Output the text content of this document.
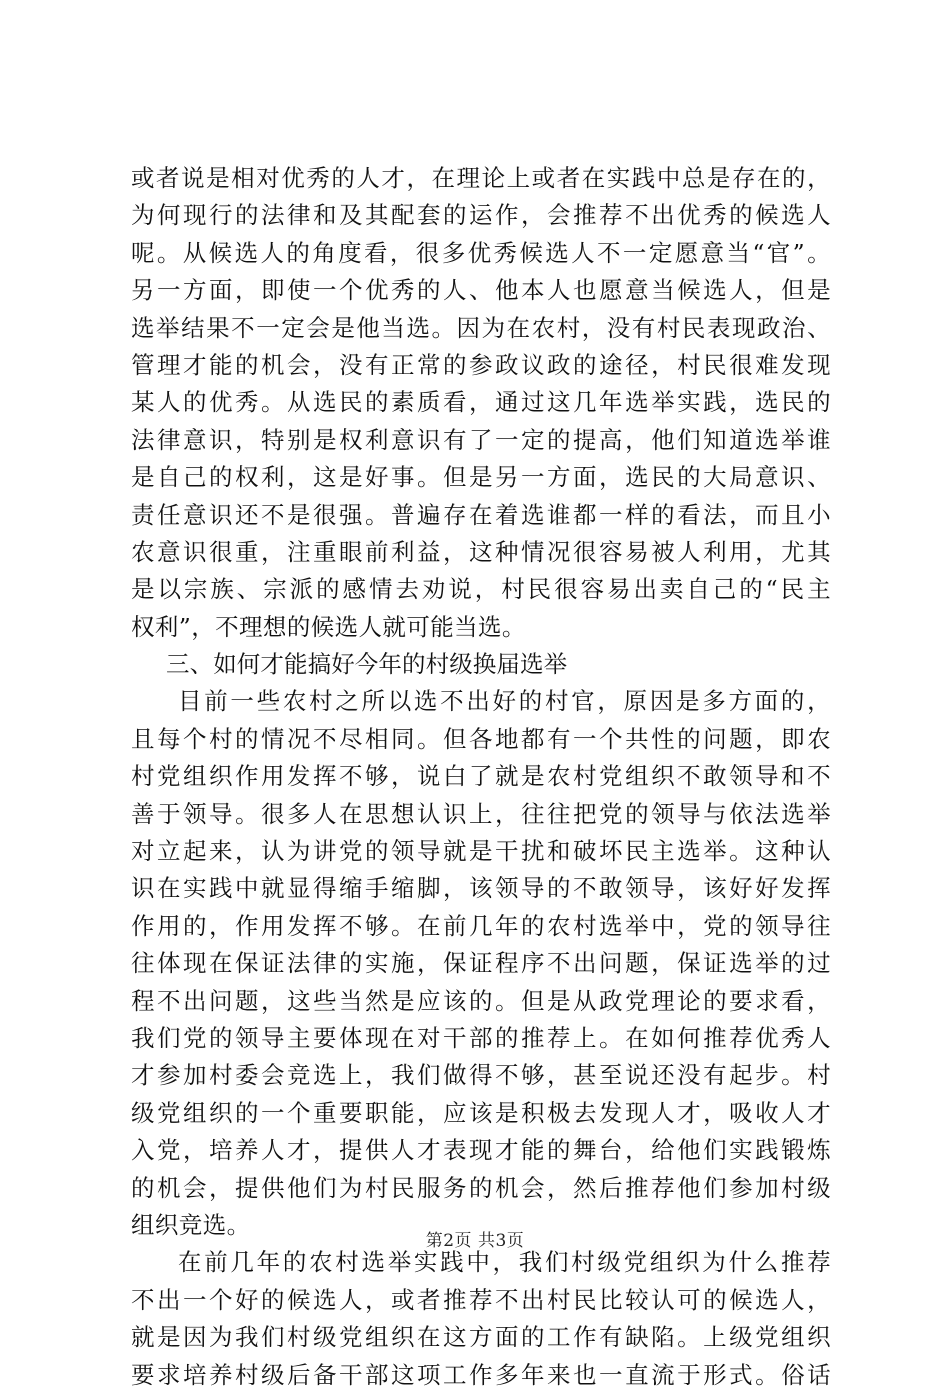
或者说是相对优秀的人才，在理论上或者在实践中总是存在的，
为何现行的法律和及其配套的运作，会推荐不出优秀的候选人
呢。从候选人的角度看，很多优秀候选人不一定愿意当“官”。
另一方面，即使一个优秀的人、他本人也愿意当候选人，但是
选举结果不一定会是他当选。因为在农村，没有村民表现政治、
管理才能的机会，没有正常的参政议政的途径，村民很难发现
某人的优秀。从选民的素质看，通过这几年选举实践，选民的
法律意识，特别是权利意识有了一定的提高，他们知道选举谁
是自己的权利，这是好事。但是另一方面，选民的大局意识、
责任意识还不是很强。普遍存在着选谁都一样的看法，而且小
农意识很重，注重眼前利益，这种情况很容易被人利用，尤其
是以宗族、宗派的感情去劝说，村民很容易出卖自己的“民主
权利”，不理想的候选人就可能当选。
三、如何才能搞好今年的村级换届选举
目前一些农村之所以选不出好的村官，原因是多方面的，
且每个村的情况不尽相同。但各地都有一个共性的问题，即农
村党组织作用发挥不够，说白了就是农村党组织不敢领导和不
善于领导。很多人在思想认识上，往往把党的领导与依法选举
对立起来，认为讲党的领导就是干扰和破坏民主选举。这种认
识在实践中就显得缩手缩脚，该领导的不敢领导，该好好发挥
作用的，作用发挥不够。在前几年的农村选举中，党的领导往
往体现在保证法律的实施，保证程序不出问题，保证选举的过
程不出问题，这些当然是应该的。但是从政党理论的要求看，
我们党的领导主要体现在对干部的推荐上。在如何推荐优秀人
才参加村委会竞选上，我们做得不够，甚至说还没有起步。村
级党组织的一个重要职能，应该是积极去发现人才，吸收人才
入党，培养人才，提供人才表现才能的舞台，给他们实践锻炼
的机会，提供他们为村民服务的机会，然后推荐他们参加村级
组织竞选。
在前几年的农村选举实践中，我们村级党组织为什么推荐
不出一个好的候选人，或者推荐不出村民比较认可的候选人，
就是因为我们村级党组织在这方面的工作有缺陷。上级党组织
要求培养村级后备干部这项工作多年来也一直流于形式。俗话
第2页 共3页
